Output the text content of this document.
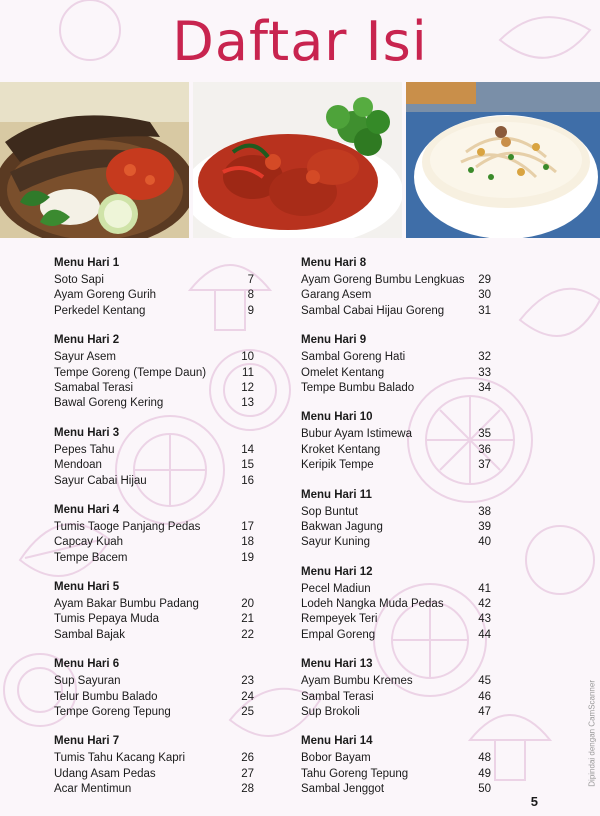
Daftar Isi
Menu Hari 1
Soto Sapi	7
Ayam Goreng Gurih	8
Perkedel Kentang	9
Menu Hari 2
Sayur Asem	10
Tempe Goreng (Tempe Daun)	11
Samabal Terasi	12
Bawal Goreng Kering	13
Menu Hari 3
Pepes Tahu	14
Mendoan	15
Sayur Cabai Hijau	16
Menu Hari 4
Tumis Taoge Panjang Pedas	17
Capcay Kuah	18
Tempe Bacem	19
Menu Hari 5
Ayam Bakar Bumbu Padang	20
Tumis Pepaya Muda	21
Sambal Bajak	22
Menu Hari 6
Sup Sayuran	23
Telur Bumbu Balado	24
Tempe Goreng Tepung	25
Menu Hari 7
Tumis Tahu Kacang Kapri	26
Udang Asam Pedas	27
Acar Mentimun	28
Menu Hari 8
Ayam Goreng Bumbu Lengkuas 29
Garang Asem	30
Sambal Cabai Hijau Goreng	31
Menu Hari 9
Sambal Goreng Hati	32
Omelet Kentang	33
Tempe Bumbu Balado	34
Menu Hari 10
Bubur Ayam Istimewa	35
Kroket Kentang	36
Keripik Tempe	37
Menu Hari 11
Sop Buntut	38
Bakwan Jagung	39
Sayur Kuning	40
Menu Hari 12
Pecel Madiun	41
Lodeh Nangka Muda Pedas	42
Rempeyek Teri	43
Empal Goreng	44
Menu Hari 13
Ayam Bumbu Kremes	45
Sambal Terasi	46
Sup Brokoli	47
Menu Hari 14
Bobor Bayam	48
Tahu Goreng Tepung	49
Sambal Jenggot	50
5
Dipindai dengan CamScanner
